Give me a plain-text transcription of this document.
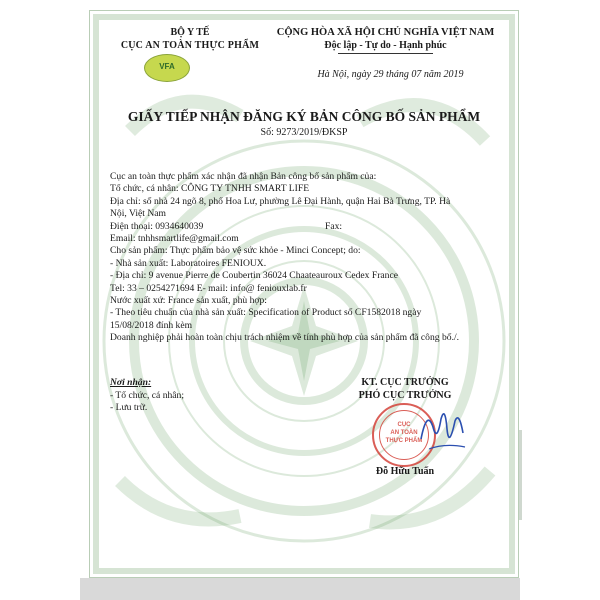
BỘ Y TẾ
CỤC AN TOÀN THỰC PHẨM
VFA
CỘNG HÒA XÃ HỘI CHỦ NGHĨA VIỆT NAM
Độc lập - Tự do - Hạnh phúc
Hà Nội, ngày 29 tháng 07 năm 2019
GIẤY TIẾP NHẬN ĐĂNG KÝ BẢN CÔNG BỐ SẢN PHẨM
Số: 9273/2019/ĐKSP
Cục an toàn thực phẩm xác nhận đã nhận Bản công bố sản phẩm của:
Tổ chức, cá nhân: CÔNG TY TNHH SMART LIFE
Địa chỉ: số nhà 24 ngõ 8, phố Hoa Lư, phường Lê Đại Hành, quận Hai Bà Trưng, TP. Hà
Nội, Việt Nam
Điện thoại: 0934640039	Fax:
Email: tnhhsmartlife@gmail.com
Cho sản phẩm: Thực phẩm bảo vệ sức khỏe - Minci Concept; do:
- Nhà sản xuất: Laboratoires FENIOUX.
- Địa chỉ: 9 avenue Pierre de Coubertin 36024 Chaateauroux Cedex France
Tel: 33 – 0254271694 E- mail: info@ feniouxlab.fr
Nước xuất xứ: France sản xuất, phù hợp:
- Theo tiêu chuẩn của nhà sản xuất: Specification of Product số CF1582018 ngày
15/08/2018 đính kèm
Doanh nghiệp phải hoàn toàn chịu trách nhiệm về tính phù hợp của sản phẩm đã công bố./.
Nơi nhận:
- Tổ chức, cá nhân;
- Lưu trữ.
KT. CỤC TRƯỞNG
PHÓ CỤC TRƯỞNG
CỤC
AN TOÀN
THỰC PHẨM
Đỗ Hữu Tuấn
